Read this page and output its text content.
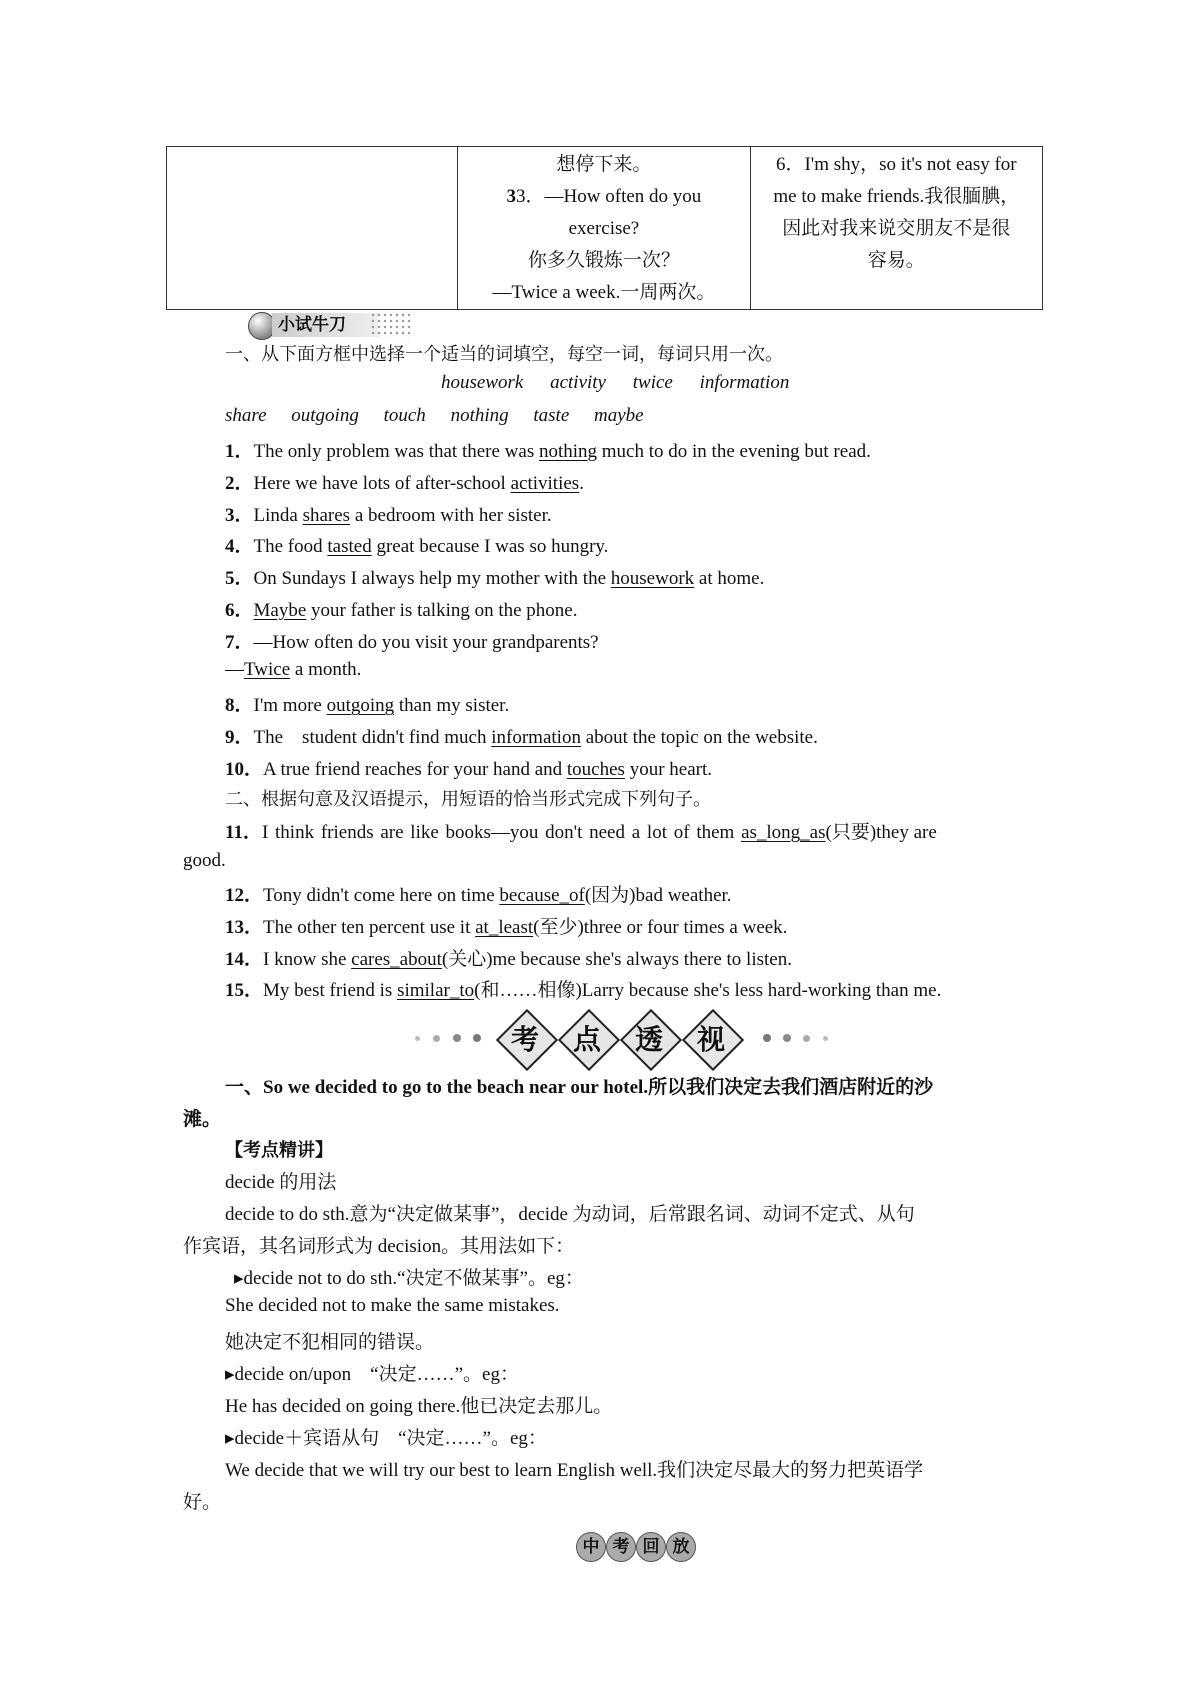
想停下来。
33．—How often do you
exercise?
你多久锻炼一次？
—Twice a week.一周两次。

6．I'm shy，so it's not easy for
me to make friends.我很腼腆，
因此对我来说交朋友不是很
容易。
小试牛刀
一、从下面方框中选择一个适当的词填空，每空一词，每词只用一次。
housework activity twice information
share outgoing touch nothing taste maybe
1．The only problem was that there was nothing much to do in the evening but read.
2．Here we have lots of after-school activities.
3．Linda shares a bedroom with her sister.
4．The food tasted great because I was so hungry.
5．On Sundays I always help my mother with the housework at home.
6．Maybe your father is talking on the phone.
7．—How often do you visit your grandparents?
—Twice a month.
8．I'm more outgoing than my sister.
9．The　student didn't find much information about the topic on the website.
10．A true friend reaches for your hand and touches your heart.
二、根据句意及汉语提示，用短语的恰当形式完成下列句子。
11．I think friends are like books—you don't need a lot of them as_long_as(只要)they are
good.
12．Tony didn't come here on time because_of(因为)bad weather.
13．The other ten percent use it at_least(至少)three or four times a week.
14．I know she cares_about(关心)me because she's always there to listen.
15．My best friend is similar_to(和……相像)Larry because she's less hard-working than me.
考	点	透	视
一、So we decided to go to the beach near our hotel.所以我们决定去我们酒店附近的沙
滩。
【考点精讲】
decide 的用法
decide to do sth.意为“决定做某事”，decide 为动词，后常跟名词、动词不定式、从句
作宾语，其名词形式为 decision。其用法如下：
▸decide not to do sth.“决定不做某事”。eg：
She decided not to make the same mistakes.
她决定不犯相同的错误。
▸decide on/upon　“决定……”。eg：
He has decided on going there.他已决定去那儿。
▸decide＋宾语从句　“决定……”。eg：
We decide that we will try our best to learn English well.我们决定尽最大的努力把英语学
好。
中 考 回 放
